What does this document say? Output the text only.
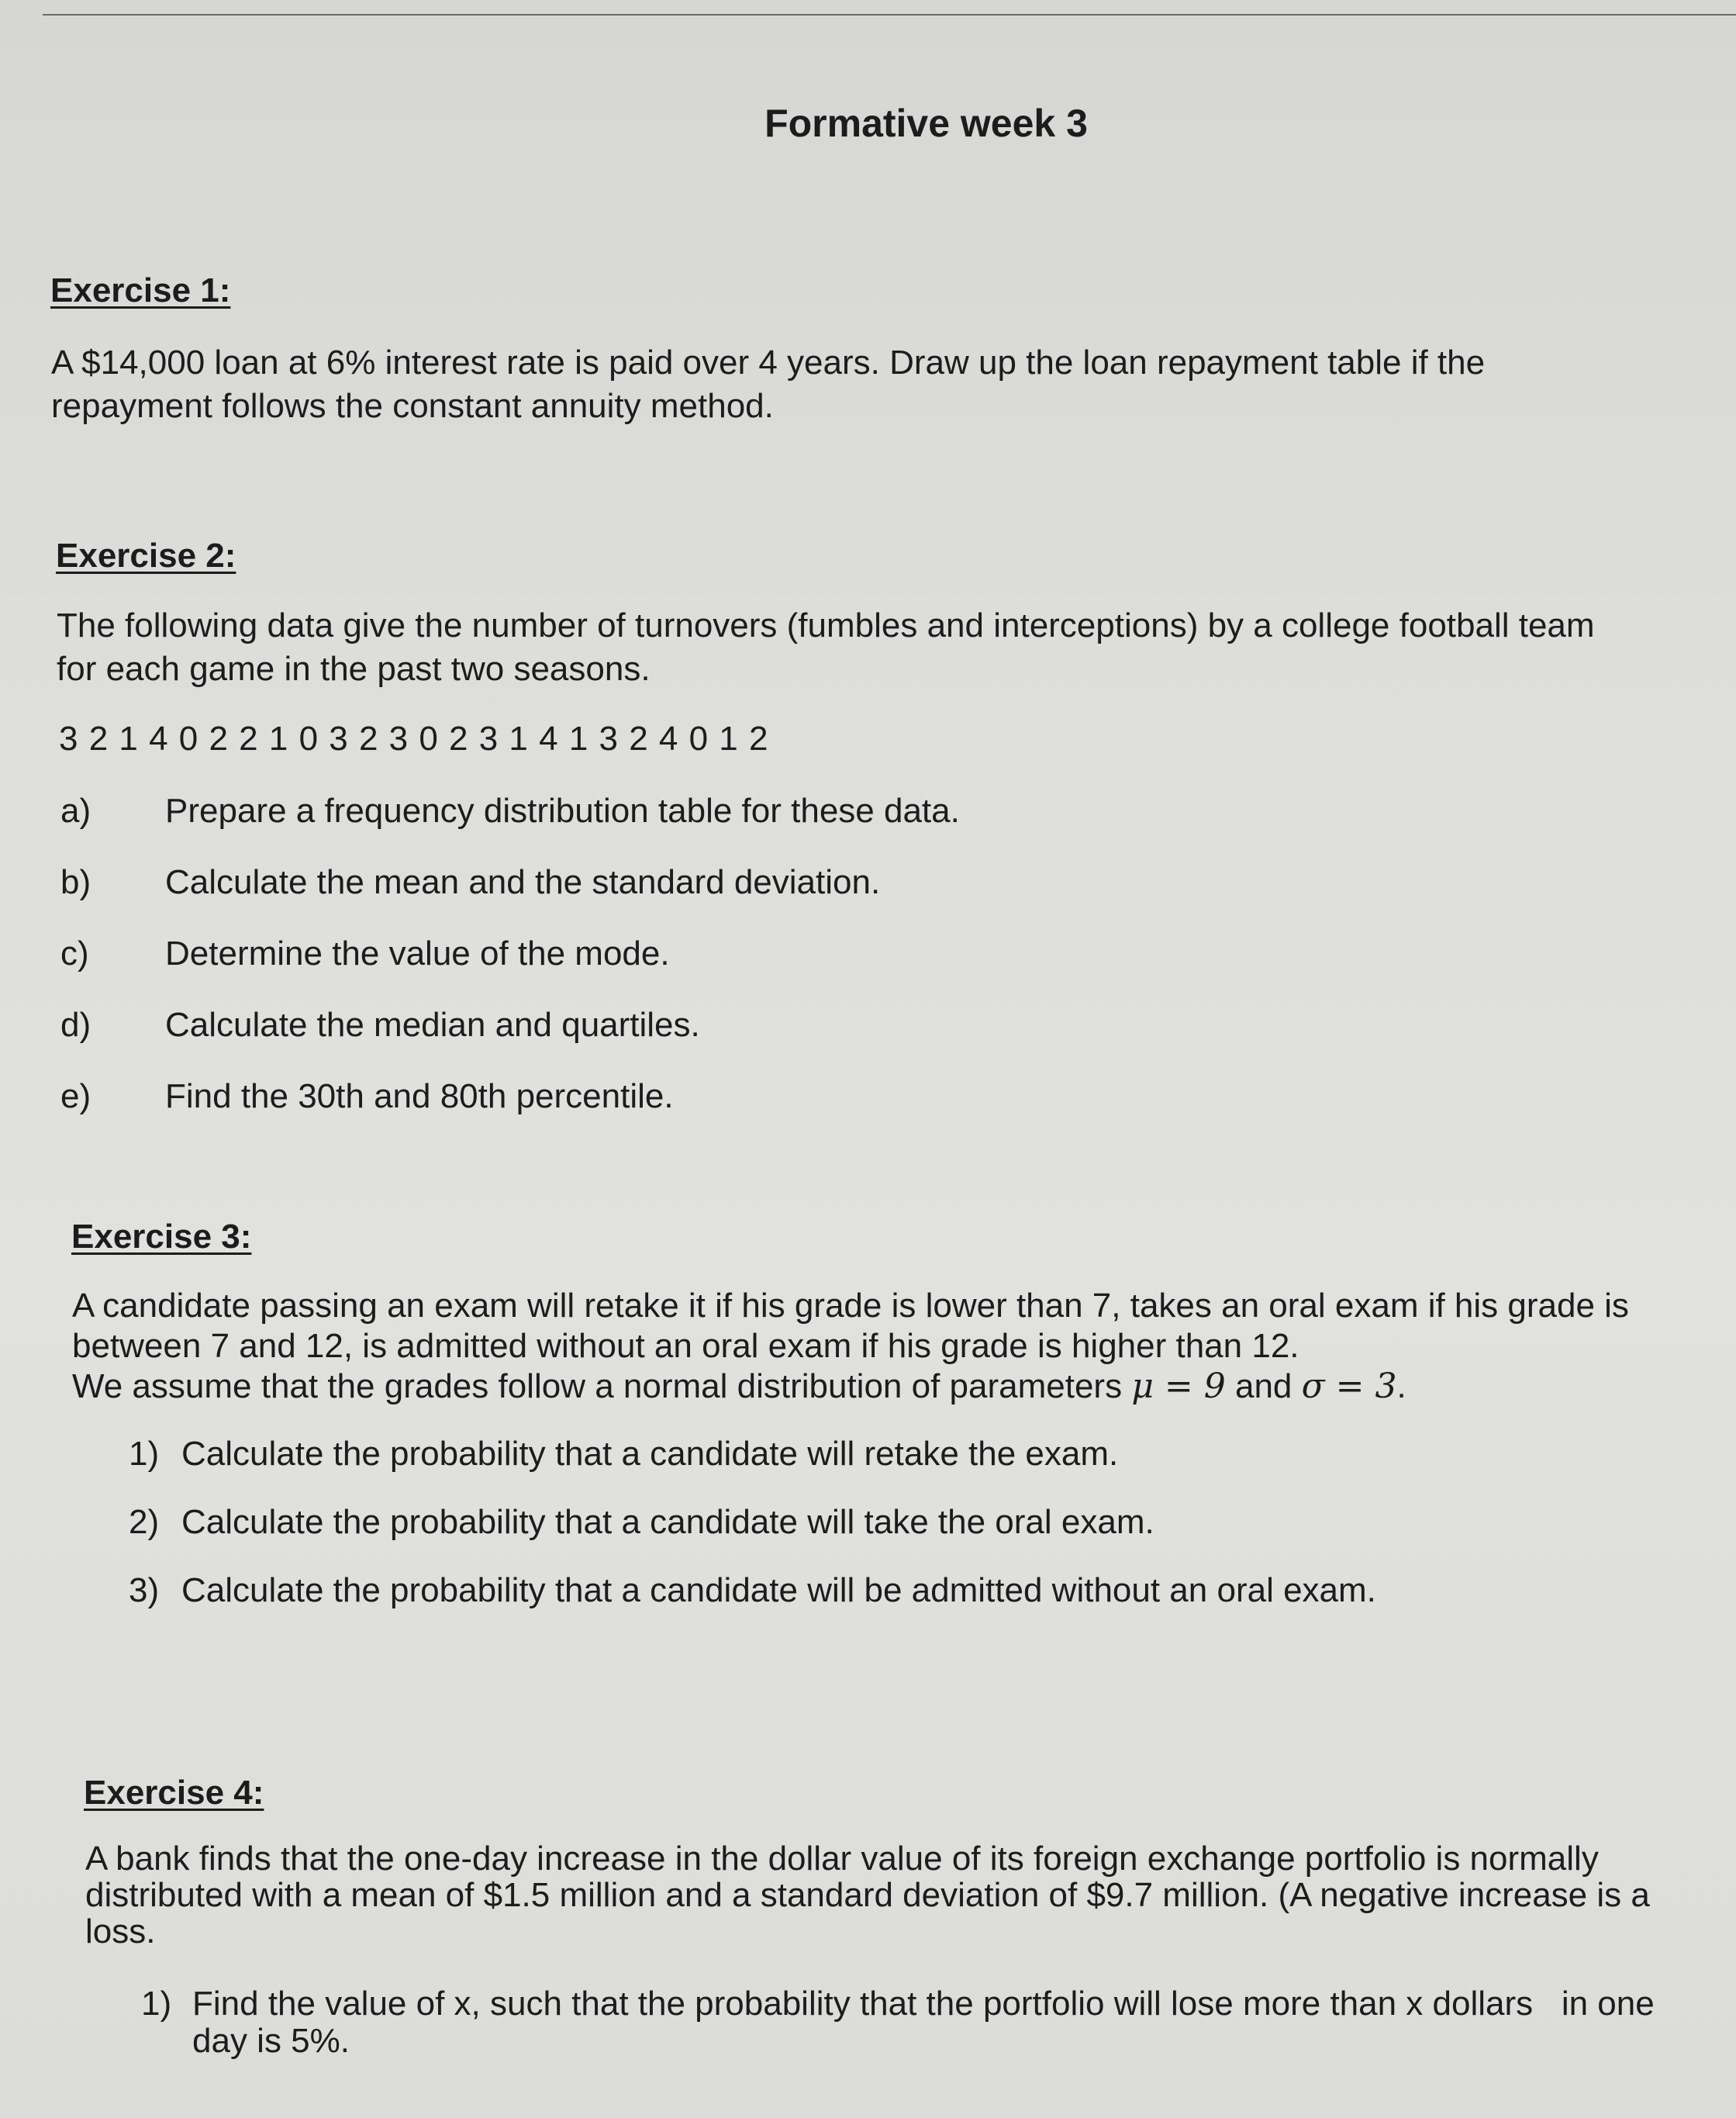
Formative week 3
Exercise 1:
A $14,000 loan at 6% interest rate is paid over 4 years. Draw up the loan repayment table if the
repayment follows the constant annuity method.
Exercise 2:
The following data give the number of turnovers (fumbles and interceptions) by a college football team
for each game in the past two seasons.
3 2 1 4 0 2 2 1 0 3 2 3 0 2 3 1 4 1 3 2 4 0 1 2
a)	Prepare a frequency distribution table for these data.
b)	Calculate the mean and the standard deviation.
c)	Determine the value of the mode.
d)	Calculate the median and quartiles.
e)	Find the 30th and 80th percentile.
Exercise 3:
A candidate passing an exam will retake it if his grade is lower than 7, takes an oral exam if his grade is
between 7 and 12, is admitted without an oral exam if his grade is higher than 12.
We assume that the grades follow a normal distribution of parameters μ = 9 and σ = 3.
1) Calculate the probability that a candidate will retake the exam.
2) Calculate the probability that a candidate will take the oral exam.
3) Calculate the probability that a candidate will be admitted without an oral exam.
Exercise 4:
A bank finds that the one-day increase in the dollar value of its foreign exchange portfolio is normally
distributed with a mean of $1.5 million and a standard deviation of $9.7 million. (A negative increase is a
loss.
1) Find the value of x, such that the probability that the portfolio will lose more than x dollars   in one
day is 5%.
